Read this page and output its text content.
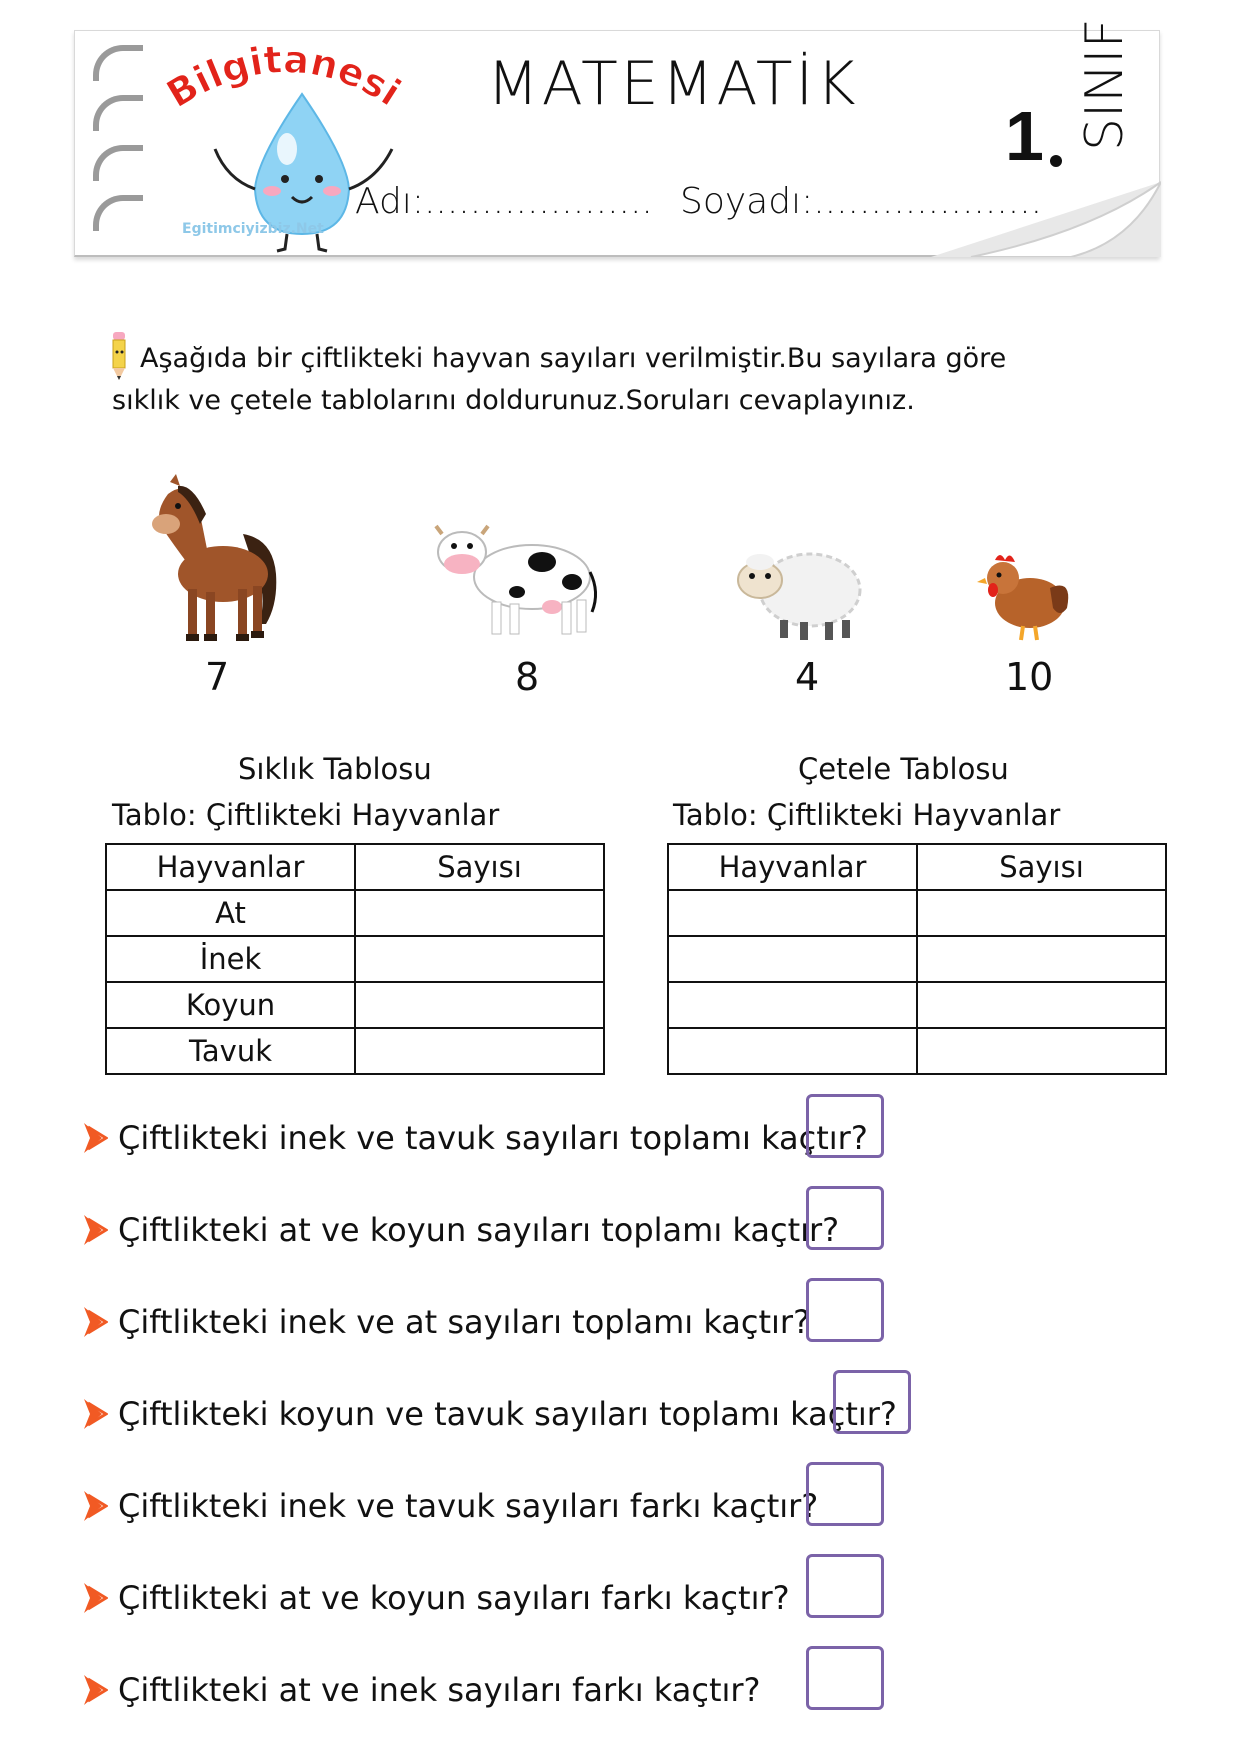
Bilgitanesi
Egitimciyizbiz.Net
MATEMATİK
1 SINIF
Adı:.................... Soyadı:....................
Aşağıda bir çiftlikteki hayvan sayıları verilmiştir.Bu sayılara göre
sıklık ve çetele tablolarını doldurunuz.Soruları cevaplayınız.
7	8	4	10
Sıklık Tablosu
Tablo: Çiftlikteki Hayvanlar
Hayvanlar	Sayısı
At	
İnek	
Koyun	
Tavuk	
Çetele Tablosu
Tablo: Çiftlikteki Hayvanlar
Hayvanlar	Sayısı

Çiftlikteki inek ve tavuk sayıları toplamı kaçtır?
Çiftlikteki at ve koyun sayıları toplamı kaçtır?
Çiftlikteki inek ve at sayıları toplamı kaçtır?
Çiftlikteki koyun ve tavuk sayıları toplamı kaçtır?
Çiftlikteki inek ve tavuk sayıları farkı kaçtır?
Çiftlikteki at ve koyun sayıları farkı kaçtır?
Çiftlikteki at ve inek sayıları farkı kaçtır?
